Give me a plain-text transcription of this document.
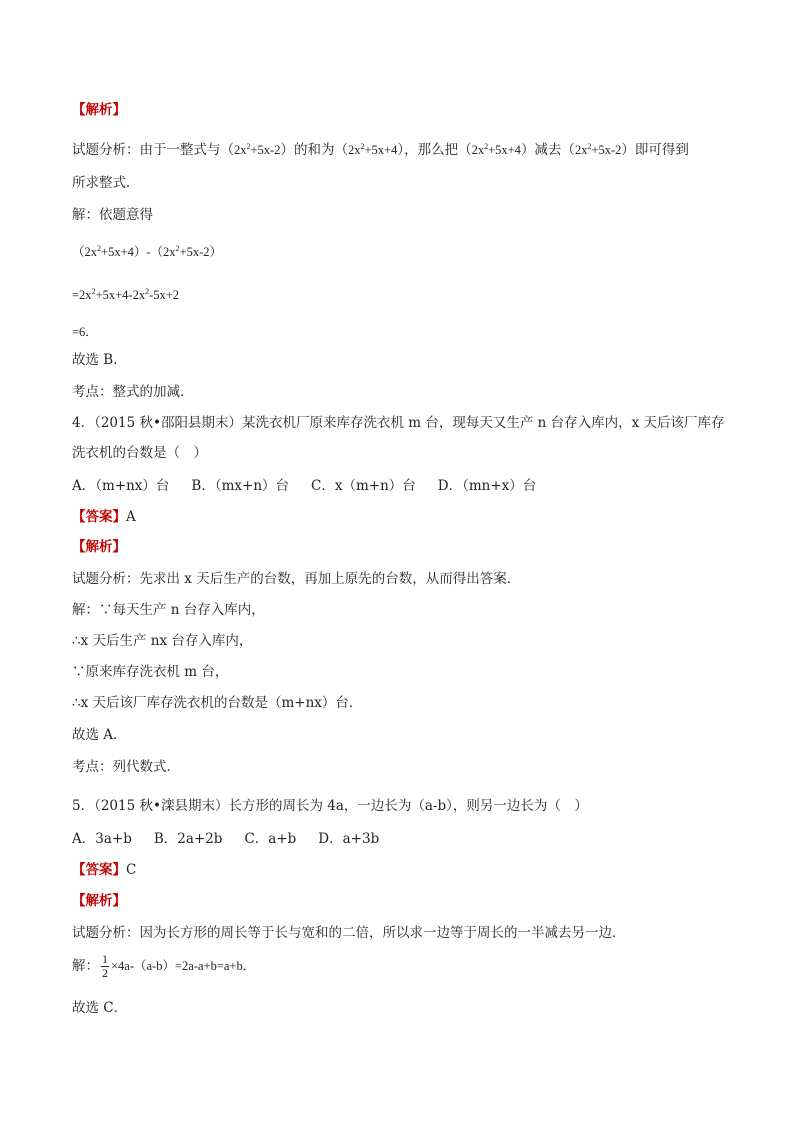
【解析】
试题分析：由于一整式与$(2x^2+5x-2)$的和为$(2x^2+5x+4)$，那么把$(2x^2+5x+4)$减去$(2x^2+5x-2)$即可得到
所求整式．
解：依题意得
$(2x^2+5x+4)-(2x^2+5x-2)$
$=2x^2+5x+4-2x^2-5x+2$
=6．
故选 B．
考点：整式的加减．
4．（2015 秋•邵阳县期末）某洗衣机厂原来库存洗衣机 m 台，现每天又生产 n 台存入库内，x 天后该厂库存
洗衣机的台数是（　）
A．（m+nx）台 B．（mx+n）台 C．x（m+n）台 D．（mn+x）台
【答案】A
【解析】
试题分析：先求出 x 天后生产的台数，再加上原先的台数，从而得出答案．
解：∵每天生产 n 台存入库内，
∴x 天后生产 nx 台存入库内，
∵原来库存洗衣机 m 台，
∴x 天后该厂库存洗衣机的台数是（m+nx）台．
故选 A．
考点：列代数式．
5．（2015 秋•滦县期末）长方形的周长为 4a，一边长为（a-b），则另一边长为（　）
A．3a+b B．2a+2b C．a+b D．a+3b
【答案】C
【解析】
试题分析：因为长方形的周长等于长与宽和的二倍，所以求一边等于周长的一半减去另一边．
解： $\frac{1}{2} \times 4a-(a-b)=2a-a+b=a+b$．
故选 C．
